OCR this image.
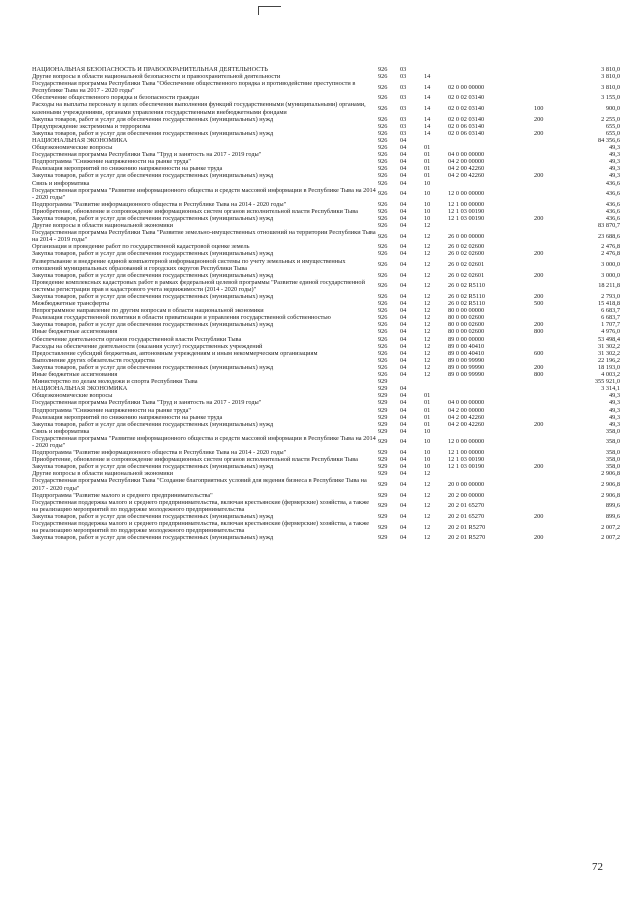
НАЦИОНАЛЬНАЯ БЕЗОПАСНОСТЬ И ПРАВООХРАНИТЕЛЬНАЯ ДЕЯТЕЛЬНОСТЬ	926	03				3 810,0
Другие вопросы в области национальной безопасности и правоохранительной деятельности	926	03	14			3 810,0
Государственная программа Республики Тыва "Обеспечение общественного порядка и противодействие преступности в Республике Тыва на 2017 - 2020 годы"	926	03	14	02 0 00 00000		3 810,0
Обеспечение общественного порядка и безопасности граждан	926	03	14	02 0 02 03140		3 155,0
Расходы на выплаты персоналу в целях обеспечения выполнения функций государственными (муниципальными) органами, казенными учреждениями, органами управления государственными внебюджетными фондами	926	03	14	02 0 02 03140	100	900,0
Закупка товаров, работ и услуг для обеспечения государственных (муниципальных) нужд	926	03	14	02 0 02 03140	200	2 255,0
Предупреждение экстремизма и терроризма	926	03	14	02 0 06 03140		655,0
Закупка товаров, работ и услуг для обеспечения государственных (муниципальных) нужд	926	03	14	02 0 06 03140	200	655,0
НАЦИОНАЛЬНАЯ ЭКОНОМИКА	926	04				84 356,6
Общеэкономические вопросы	926	04	01			49,3
Государственная программа Республики Тыва "Труд и занятость на 2017 - 2019 годы"	926	04	01	04 0 00 00000		49,3
Подпрограмма "Снижение напряженности на рынке труда"	926	04	01	04 2 00 00000		49,3
Реализация мероприятий по снижению напряженности на рынке труда	926	04	01	04 2 00 42260		49,3
Закупка товаров, работ и услуг для обеспечения государственных (муниципальных) нужд	926	04	01	04 2 00 42260	200	49,3
Связь и информатика	926	04	10			436,6
Государственная программа "Развитие информационного общества и средств массовой информации в Республике Тыва на 2014 - 2020 годы"	926	04	10	12 0 00 00000		436,6
Подпрограмма "Развитие информационного общества в Республике Тыва на 2014 - 2020 годы"	926	04	10	12 1 00 00000		436,6
Приобретение, обновление и сопровождение информационных систем органов исполнительной власти Республики Тыва	926	04	10	12 1 03 00190		436,6
Закупка товаров, работ и услуг для обеспечения государственных (муниципальных) нужд	926	04	10	12 1 03 00190	200	436,6
Другие вопросы в области национальной экономики	926	04	12			83 870,7
Государственная программа Республики Тыва "Развитие земельно-имущественных отношений на территории Республики Тыва на 2014 - 2019 годы"	926	04	12	26 0 00 00000		23 688,6
Организация и проведение работ по государственной кадастровой оценке земель	926	04	12	26 0 02 02600		2 476,8
Закупка товаров, работ и услуг для обеспечения государственных (муниципальных) нужд	926	04	12	26 0 02 02600	200	2 476,8
Развертывание и внедрение единой компьютерной информационной системы по учету земельных и имущественных отношений муниципальных образований и городских округов Республики Тыва	926	04	12	26 0 02 02601		3 000,0
Закупка товаров, работ и услуг для обеспечения государственных (муниципальных) нужд	926	04	12	26 0 02 02601	200	3 000,0
Проведение комплексных кадастровых работ в рамках федеральной целевой программы "Развитие единой государственной системы регистрации прав и кадастрового учета недвижимости (2014 - 2020 годы)"	926	04	12	26 0 02 R5110		18 211,8
Закупка товаров, работ и услуг для обеспечения государственных (муниципальных) нужд	926	04	12	26 0 02 R5110	200	2 793,0
Межбюджетные трансферты	926	04	12	26 0 02 R5110	500	15 418,8
Непрограммное направление по другим вопросам в области национальной экономики	926	04	12	80 0 00 00000		6 683,7
Реализация государственной политики в области приватизации и управления государственной собственностью	926	04	12	80 0 00 02600		6 683,7
Закупка товаров, работ и услуг для обеспечения государственных (муниципальных) нужд	926	04	12	80 0 00 02600	200	1 707,7
Иные бюджетные ассигнования	926	04	12	80 0 00 02600	800	4 976,0
Обеспечение деятельности органов государственной власти Республики Тыва	926	04	12	89 0 00 00000		53 498,4
Расходы на обеспечение деятельности (оказания услуг) государственных учреждений	926	04	12	89 0 00 40410		31 302,2
Предоставление субсидий бюджетным, автономным учреждениям и иным некоммерческим организациям	926	04	12	89 0 00 40410	600	31 302,2
Выполнение других обязательств государства	926	04	12	89 0 00 99990		22 196,2
Закупка товаров, работ и услуг для обеспечения государственных (муниципальных) нужд	926	04	12	89 0 00 99990	200	18 193,0
Иные бюджетные ассигнования	926	04	12	89 0 00 99990	800	4 003,2
Министерство по делам молодежи и спорта Республики Тыва	929					355 921,0
НАЦИОНАЛЬНАЯ ЭКОНОМИКА	929	04				3 314,1
Общеэкономические вопросы	929	04	01			49,3
Государственная программа Республики Тыва "Труд и занятость на 2017 - 2019 годы"	929	04	01	04 0 00 00000		49,3
Подпрограмма "Снижение напряженности на рынке труда"	929	04	01	04 2 00 00000		49,3
Реализация мероприятий по снижению напряженности на рынке труда	929	04	01	04 2 00 42260		49,3
Закупка товаров, работ и услуг для обеспечения государственных (муниципальных) нужд	929	04	01	04 2 00 42260	200	49,3
Связь и информатика	929	04	10			358,0
Государственная программа "Развитие информационного общества и средств массовой информации в Республике Тыва на 2014 - 2020 годы"	929	04	10	12 0 00 00000		358,0
Подпрограмма "Развитие информационного общества в Республике Тыва на 2014 - 2020 годы"	929	04	10	12 1 00 00000		358,0
Приобретение, обновление и сопровождение информационных систем органов исполнительной власти Республики Тыва	929	04	10	12 1 03 00190		358,0
Закупка товаров, работ и услуг для обеспечения государственных (муниципальных) нужд	929	04	10	12 1 03 00190	200	358,0
Другие вопросы в области национальной экономики	929	04	12			2 906,8
Государственная программа Республики Тыва "Создание благоприятных условий для ведения бизнеса в Республике Тыва на 2017 - 2020 годы"	929	04	12	20 0 00 00000		2 906,8
Подпрограмма "Развитие малого и среднего предпринимательства"	929	04	12	20 2 00 00000		2 906,8
Государственная поддержка малого и среднего предпринимательства, включая крестьянские (фермерские) хозяйства, а также на реализацию мероприятий по поддержке молодежного предпринимательства	929	04	12	20 2 01 65270		899,6
Закупка товаров, работ и услуг для обеспечения государственных (муниципальных) нужд	929	04	12	20 2 01 65270	200	899,6
Государственная поддержка малого и среднего предпринимательства, включая крестьянские (фермерские) хозяйства, а также на реализацию мероприятий по поддержке молодежного предпринимательства	929	04	12	20 2 01 R5270		2 007,2
Закупка товаров, работ и услуг для обеспечения государственных (муниципальных) нужд	929	04	12	20 2 01 R5270	200	2 007,2
72
